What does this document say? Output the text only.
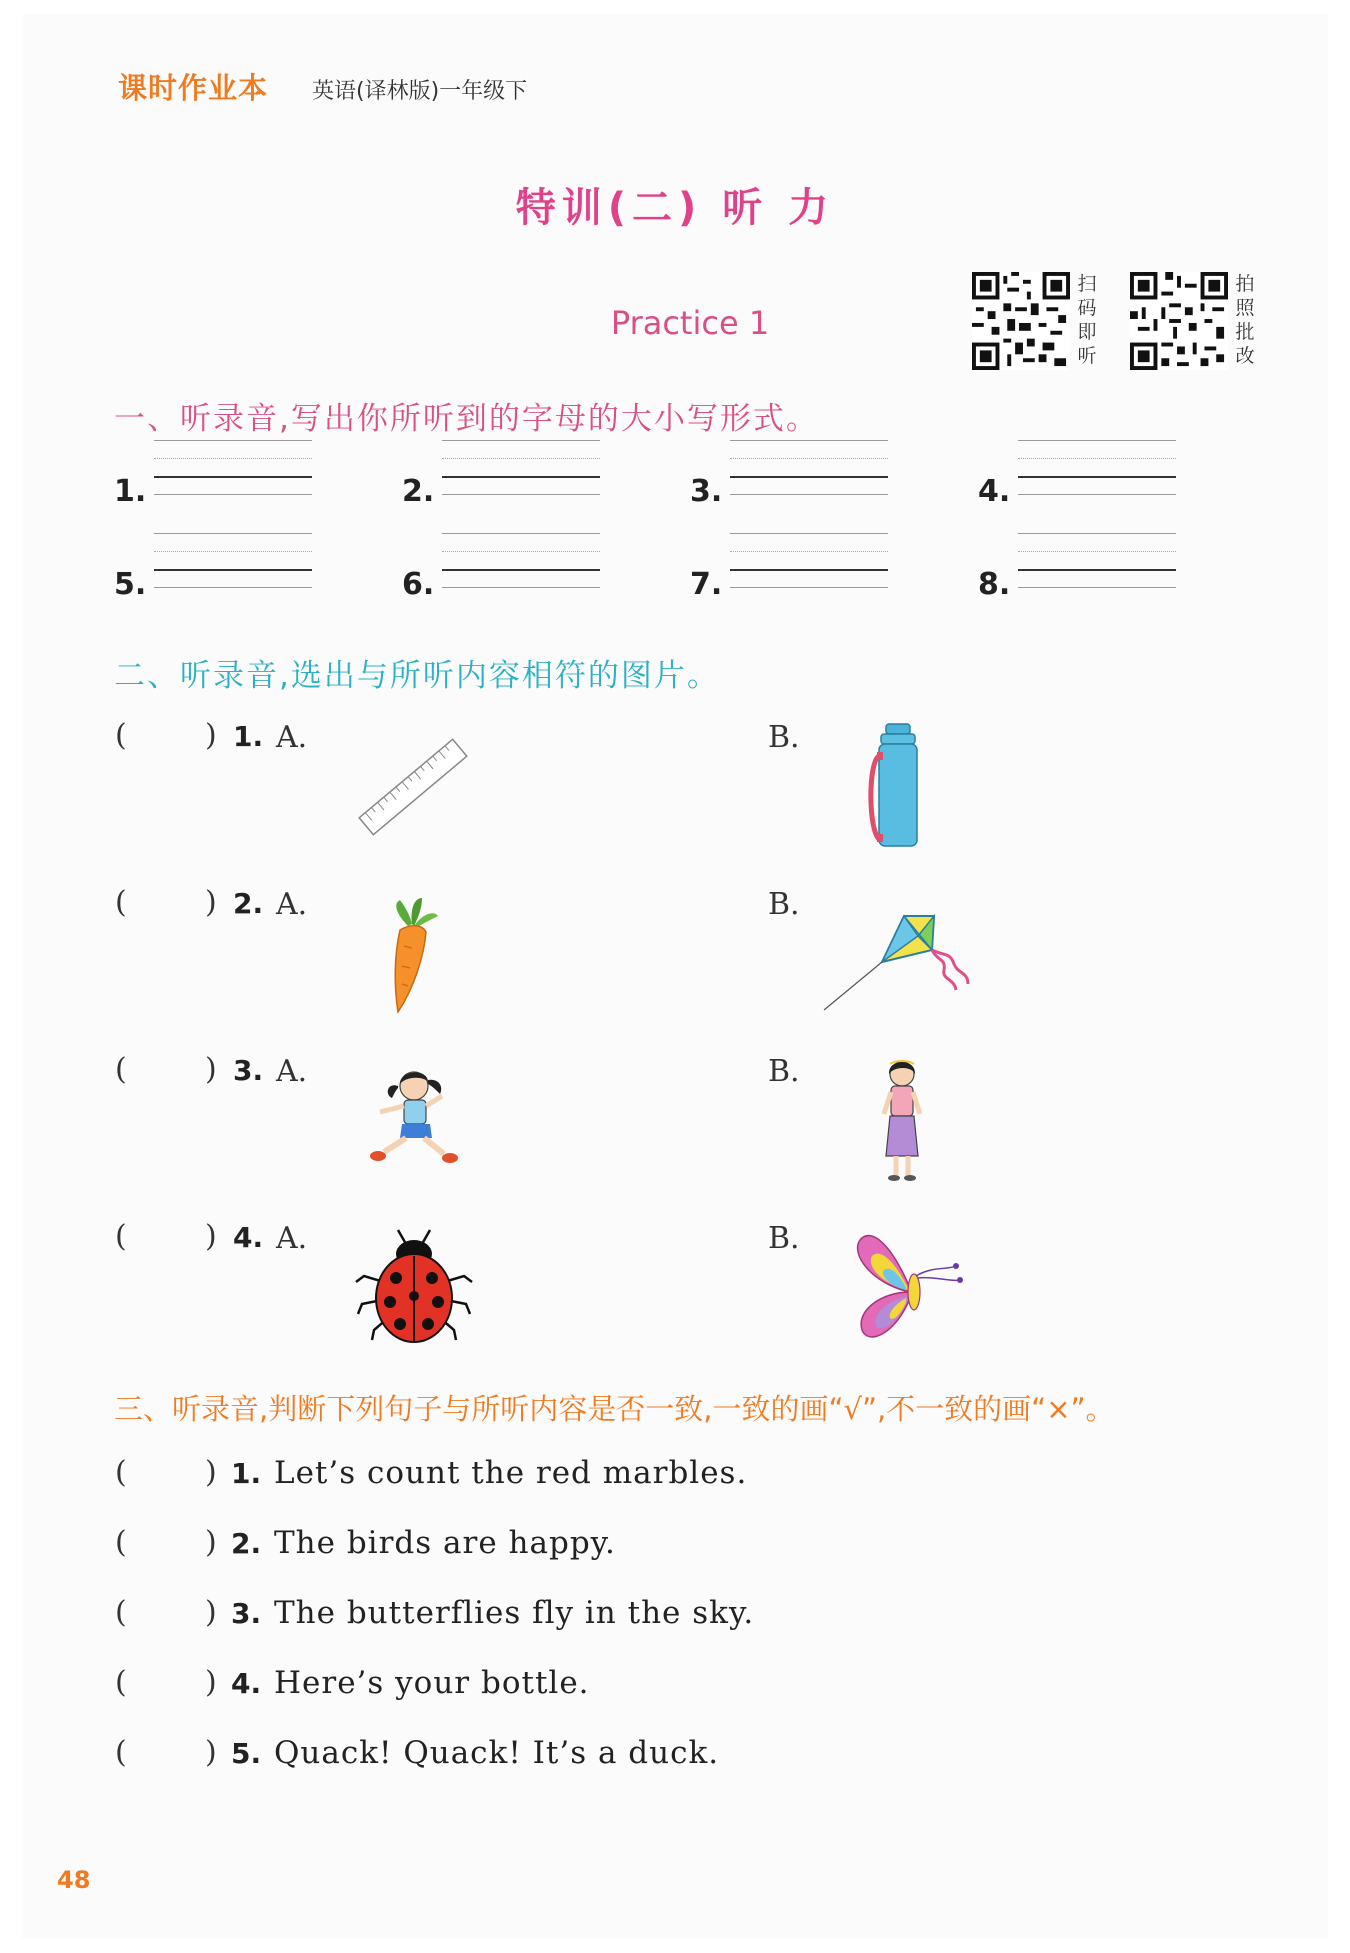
课时作业本 英语(译林版)一年级下
特训(二) 听 力
Practice 1
扫
码
即
听
拍
照
批
改
一、听录音,写出你所听到的字母的大小写形式。
1.	2.	3.	4.
5.	6.	7.	8.
二、听录音,选出与所听内容相符的图片。
(	) 1. A.	B.
(	) 2. A.	B.
(	) 3. A.	B.
(	) 4. A.	B.
三、听录音,判断下列句子与所听内容是否一致,一致的画“√”,不一致的画“×”。
(	) 1. Let’s count the red marbles.
(	) 2. The birds are happy.
(	) 3. The butterflies fly in the sky.
(	) 4. Here’s your bottle.
(	) 5. Quack! Quack! It’s a duck.
48
